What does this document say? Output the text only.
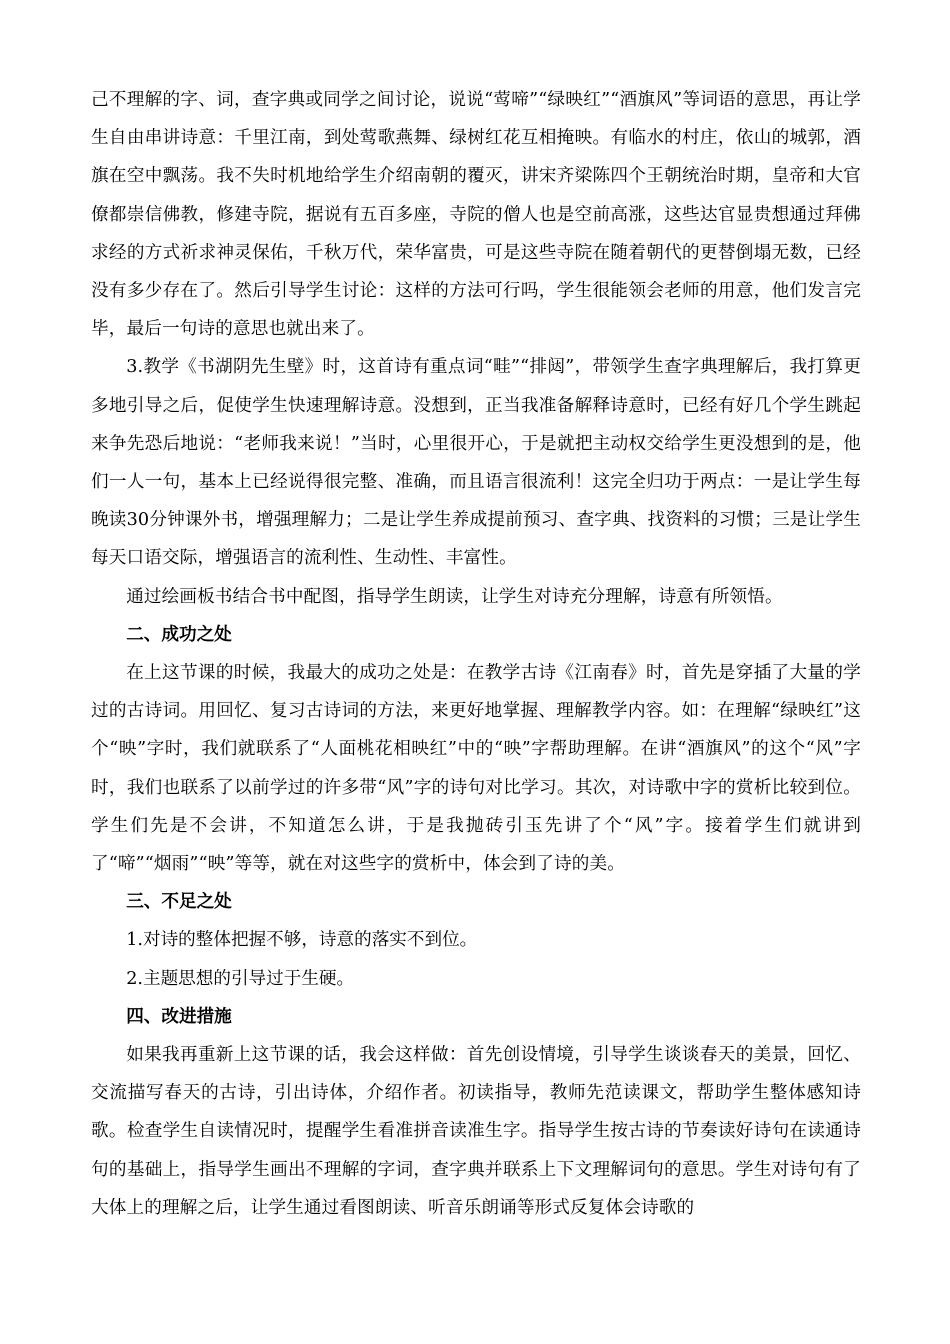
己不理解的字、词，查字典或同学之间讨论，说说“莺啼”“绿映红”“酒旗风”等词语的意思，再让学生自由串讲诗意：千里江南，到处莺歌燕舞、绿树红花互相掩映。有临水的村庄，依山的城郭，酒旗在空中飘荡。我不失时机地给学生介绍南朝的覆灭，讲宋齐梁陈四个王朝统治时期，皇帝和大官僚都崇信佛教，修建寺院，据说有五百多座，寺院的僧人也是空前高涨，这些达官显贵想通过拜佛求经的方式祈求神灵保佑，千秋万代，荣华富贵，可是这些寺院在随着朝代的更替倒塌无数，已经没有多少存在了。然后引导学生讨论：这样的方法可行吗，学生很能领会老师的用意，他们发言完毕，最后一句诗的意思也就出来了。

3.教学《书湖阴先生壁》时，这首诗有重点词“畦”“排闼”，带领学生查字典理解后，我打算更多地引导之后，促使学生快速理解诗意。没想到，正当我准备解释诗意时，已经有好几个学生跳起来争先恐后地说：“老师我来说！”当时，心里很开心，于是就把主动权交给学生更没想到的是，他们一人一句，基本上已经说得很完整、准确，而且语言很流利！这完全归功于两点：一是让学生每晚读30分钟课外书，增强理解力；二是让学生养成提前预习、查字典、找资料的习惯；三是让学生每天口语交际，增强语言的流利性、生动性、丰富性。

通过绘画板书结合书中配图，指导学生朗读，让学生对诗充分理解，诗意有所领悟。

二、成功之处

在上这节课的时候，我最大的成功之处是：在教学古诗《江南春》时，首先是穿插了大量的学过的古诗词。用回忆、复习古诗词的方法，来更好地掌握、理解教学内容。如：在理解“绿映红”这个“映”字时，我们就联系了“人面桃花相映红”中的“映”字帮助理解。在讲“酒旗风”的这个“风”字时，我们也联系了以前学过的许多带“风”字的诗句对比学习。其次，对诗歌中字的赏析比较到位。学生们先是不会讲，不知道怎么讲，于是我抛砖引玉先讲了个“风”字。接着学生们就讲到了“啼”“烟雨”“映”等等，就在对这些字的赏析中，体会到了诗的美。

三、不足之处

1.对诗的整体把握不够，诗意的落实不到位。

2.主题思想的引导过于生硬。

四、改进措施

如果我再重新上这节课的话，我会这样做：首先创设情境，引导学生谈谈春天的美景，回忆、交流描写春天的古诗，引出诗体，介绍作者。初读指导，教师先范读课文，帮助学生整体感知诗歌。检查学生自读情况时，提醒学生看准拼音读准生字。指导学生按古诗的节奏读好诗句在读通诗句的基础上，指导学生画出不理解的字词，查字典并联系上下文理解词句的意思。学生对诗句有了大体上的理解之后，让学生通过看图朗读、听音乐朗诵等形式反复体会诗歌的
